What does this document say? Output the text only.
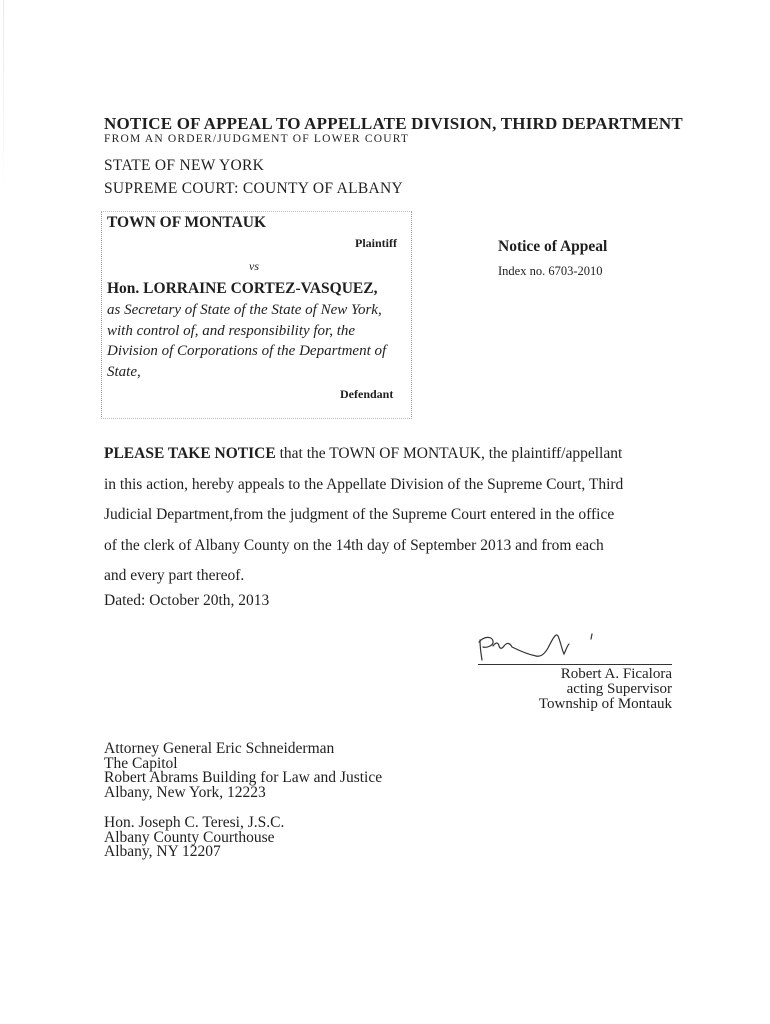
NOTICE OF APPEAL TO APPELLATE DIVISION, THIRD DEPARTMENT
FROM AN ORDER/JUDGMENT OF LOWER COURT
STATE OF NEW YORK
SUPREME COURT: COUNTY OF ALBANY
TOWN OF MONTAUK
Plaintiff
vs
Hon. LORRAINE CORTEZ-VASQUEZ,
as Secretary of State of the State of New York, with control of, and responsibility for, the Division of Corporations of the Department of State,
Defendant
Notice of Appeal
Index no. 6703-2010
PLEASE TAKE NOTICE that the TOWN OF MONTAUK, the plaintiff/appellant
in this action, hereby appeals to the Appellate Division of the Supreme Court, Third
Judicial Department,from the judgment of the Supreme Court entered in the office
of the clerk of Albany County on the 14th day of September 2013 and from each
and every part thereof.
Dated: October 20th, 2013
Robert A. Ficalora
acting Supervisor
Township of Montauk
Attorney General Eric Schneiderman
The Capitol
Robert Abrams Building for Law and Justice
Albany, New York, 12223
Hon. Joseph C. Teresi, J.S.C.
Albany County Courthouse
Albany, NY 12207
